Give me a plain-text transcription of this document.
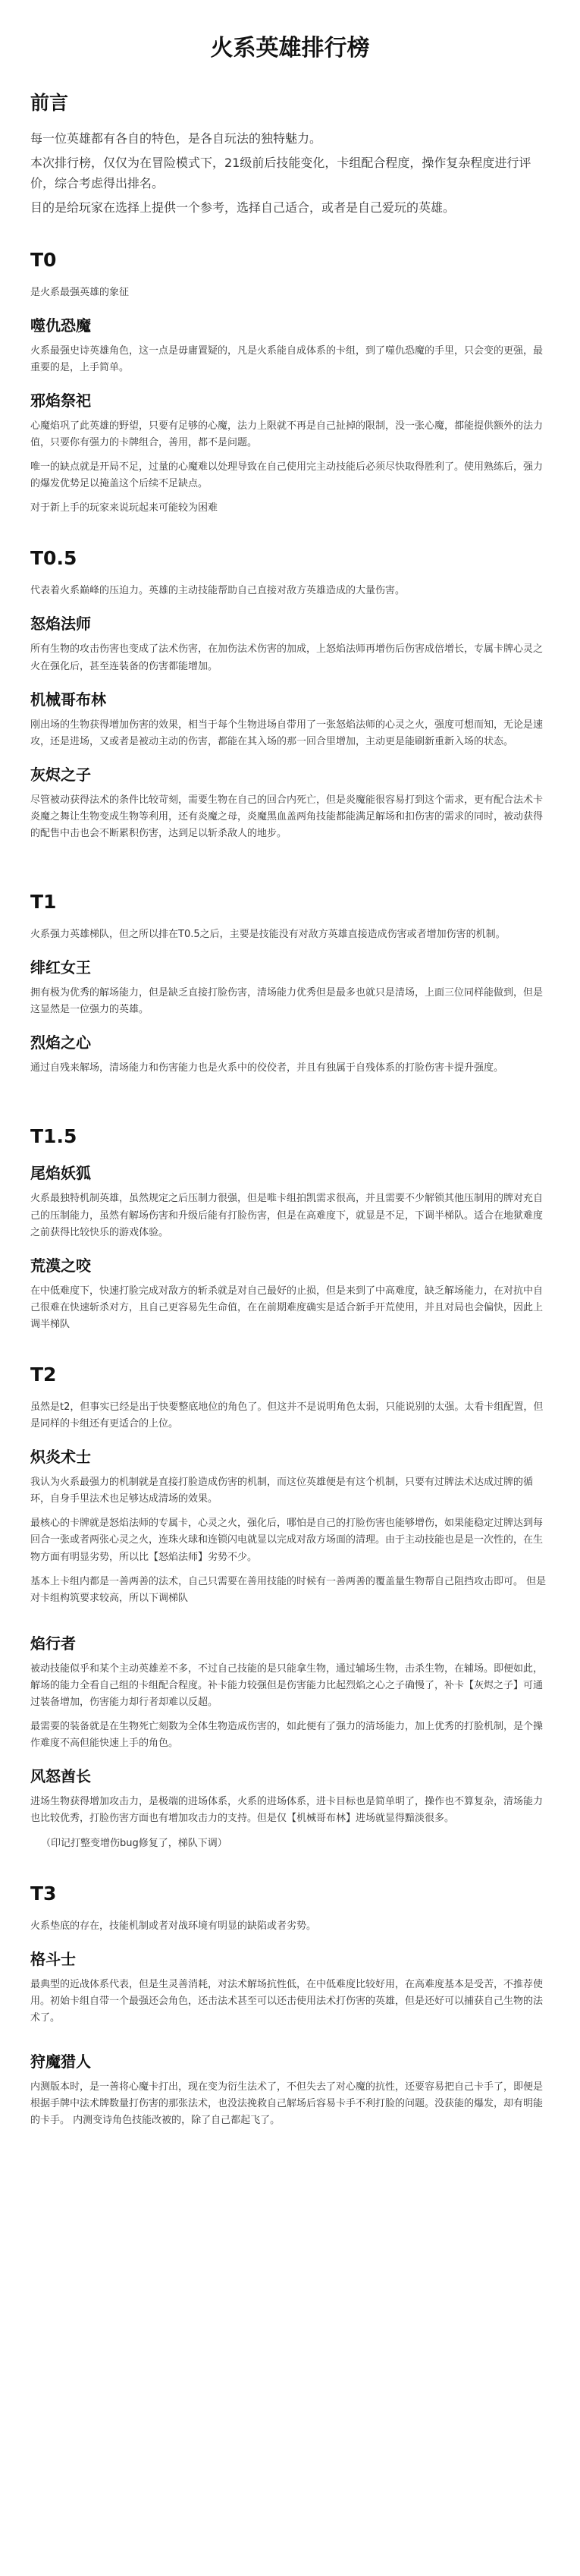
火系英雄排行榜
前言

每一位英雄都有各自的特色，是各自玩法的独特魅力。

本次排行榜，仅仅为在冒险模式下，21级前后技能变化，卡组配合程度，操作复杂程度进行评价，综合考虑得出排名。

目的是给玩家在选择上提供一个参考，选择自己适合，或者是自己爱玩的英雄。

T0

是火系最强英雄的象征

噬仇恐魔

火系最强史诗英雄角色，这一点是毋庸置疑的，凡是火系能自成体系的卡组，到了噬仇恐魔的手里，只会变的更强，最重要的是，上手简单。

邪焰祭祀

心魔焰巩了此英雄的野望，只要有足够的心魔，法力上限就不再是自己扯掉的限制，没一张心魔，都能提供额外的法力值，只要你有强力的卡牌组合，善用，都不是问题。

唯一的缺点就是开局不足，过量的心魔难以处理导致在自己使用完主动技能后必须尽快取得胜利了。使用熟练后，强力的爆发优势足以掩盖这个后续不足缺点。

对于新上手的玩家来说玩起来可能较为困难

T0.5

代表着火系巅峰的压迫力。英雄的主动技能帮助自己直接对敌方英雄造成的大量伤害。

怒焰法师

所有生物的攻击伤害也变成了法术伤害，在加伤法术伤害的加成，上怒焰法师再增伤后伤害成倍增长，专属卡牌心灵之火在强化后，甚至连装备的伤害都能增加。

机械哥布林

刚出场的生物获得增加伤害的效果，相当于每个生物进场自带用了一张怒焰法师的心灵之火，强度可想而知，无论是速攻，还是进场，又或者是被动主动的伤害，都能在其入场的那一回合里增加，主动更是能刷新重新入场的状态。

灰烬之子

尽管被动获得法术的条件比较苛刻，需要生物在自己的回合内死亡，但是炎魔能很容易打到这个需求，更有配合法术卡炎魔之舞让生物变成生物等利用，还有炎魔之母，炎魔黑血盖两角技能都能满足解场和扣伤害的需求的同时，被动获得的配售中击也会不断累积伤害，达到足以斩杀敌人的地步。

T1

火系强力英雄梯队，但之所以排在T0.5之后，主要是技能没有对敌方英雄直接造成伤害或者增加伤害的机制。

绯红女王

拥有极为优秀的解场能力，但是缺乏直接打脸伤害，清场能力优秀但是最多也就只是清场，上面三位同样能做到，但是这显然是一位强力的英雄。

烈焰之心

通过自残来解场，清场能力和伤害能力也是火系中的佼佼者，并且有独属于自残体系的打脸伤害卡提升强度。

T1.5
尾焰妖狐

火系最独特机制英雄，虽然规定之后压制力很强，但是唯卡组拍凯需求很高，并且需要不少解锁其他压制用的牌对充自己的压制能力，虽然有解场伤害和升级后能有打脸伤害，但是在高难度下，就显是不足，下调半梯队。适合在地狱难度之前获得比较快乐的游戏体验。

荒漠之咬

在中低难度下，快速打脸完成对敌方的斩杀就是对自己最好的止损，但是来到了中高难度，缺乏解场能力，在对抗中自己很难在快速斩杀对方，且自己更容易先生命值，在在前期难度确实是适合新手开荒使用，并且对局也会偏快，因此上调半梯队

T2

虽然是t2，但事实已经是出于快要整底地位的角色了。但这并不是说明角色太弱，只能说别的太强。太看卡组配置，但是同样的卡组还有更适合的上位。

炽炎术士

我认为火系最强力的机制就是直接打脸造成伤害的机制，而这位英雄便是有这个机制，只要有过牌法术达成过牌的循环，自身手里法术也足够达成清场的效果。

最核心的卡牌就是怒焰法师的专属卡，心灵之火，强化后，哪怕是自己的打脸伤害也能够增伤，如果能稳定过牌达到每回合一张或者两张心灵之火，连珠火球和连锁闪电就显以完成对敌方场面的清理。由于主动技能也是是一次性的，在生物方面有明显劣势，所以比【怒焰法师】劣势不少。

基本上卡组内都是一善两善的法术，自己只需要在善用技能的时候有一善两善的覆盖量生物帮自己阻挡攻击即可。 但是对卡组构筑要求较高，所以下调梯队

焰行者

被动技能似乎和某个主动英雄差不多，不过自己技能的是只能拿生物，通过辅场生物，击杀生物，在辅场。即便如此，解场的能力全看自己组的卡组配合程度。补卡能力较强但是伤害能力比起烈焰之心之子确慢了，补卡【灰烬之子】可通过装备增加，伤害能力却行者却难以反超。

最需要的装备就是在生物死亡刻数为全体生物造成伤害的，如此便有了强力的清场能力，加上优秀的打脸机制，是个操作难度不高但能快速上手的角色。

风怒酋长

进场生物获得增加攻击力，是极端的进场体系，火系的进场体系，进卡目标也是简单明了，操作也不算复杂，清场能力也比较优秀，打脸伤害方面也有增加攻击力的支持。但是仅【机械哥布林】进场就显得黯淡很多。

（印记打整变增伤bug修复了，梯队下调）

T3

火系垫底的存在，技能机制或者对战环境有明显的缺陷或者劣势。

格斗士

最典型的近战体系代表，但是生灵善消耗，对法术解场抗性低，在中低难度比较好用，在高难度基本是受苦，不推荐使用。初始卡组自带一个最强还会角色，还击法术甚至可以还击使用法术打伤害的英雄，但是还好可以捕获自己生物的法术了。

狩魔猎人

内测版本时，是一善将心魔卡打出，现在变为衍生法术了，不但失去了对心魔的抗性，还要容易把自己卡手了，即便是 根据手牌中法术牌数量打伤害的那张法术，也没法挽救自己解场后容易卡手不利打脸的问题。没获能的爆发，却有明能的卡手。 内测变诗角色技能改被的，除了自己都起飞了。
